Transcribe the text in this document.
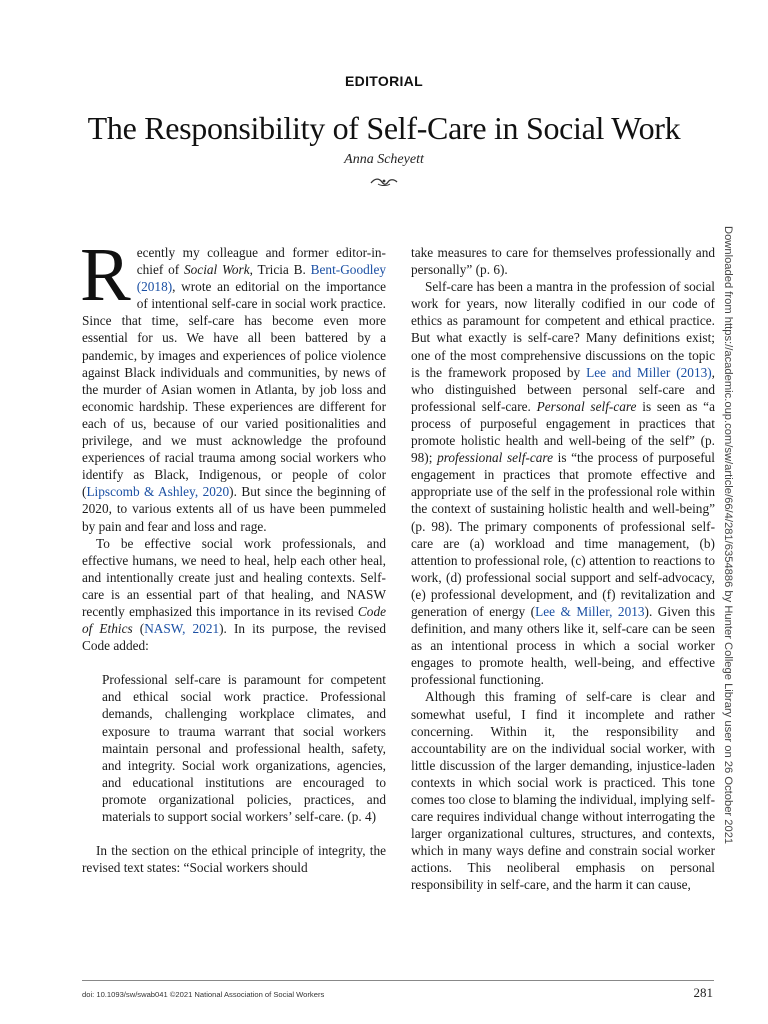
EDITORIAL
The Responsibility of Self-Care in Social Work
Anna Scheyett
Downloaded from https://academic.oup.com/sw/article/66/4/281/6354886 by Hunter College Library user on 26 October 2021

Recently my colleague and former editor-in-chief of Social Work, Tricia B. Bent-Goodley (2018), wrote an editorial on the importance of intentional self-care in social work practice. Since that time, self-care has become even more essential for us. We have all been battered by a pandemic, by images and experiences of police violence against Black individuals and communities, by news of the murder of Asian women in Atlanta, by job loss and economic hardship. These experiences are different for each of us, because of our varied positionalities and privilege, and we must acknowledge the profound experiences of racial trauma among social workers who identify as Black, Indigenous, or people of color (Lipscomb & Ashley, 2020). But since the beginning of 2020, to various extents all of us have been pummeled by pain and fear and loss and rage.

To be effective social work professionals, and effective humans, we need to heal, help each other heal, and intentionally create just and healing contexts. Self-care is an essential part of that healing, and NASW recently emphasized this importance in its revised Code of Ethics (NASW, 2021). In its purpose, the revised Code added:

Professional self-care is paramount for competent and ethical social work practice. Professional demands, challenging workplace climates, and exposure to trauma warrant that social workers maintain personal and professional health, safety, and integrity. Social work organizations, agencies, and educational institutions are encouraged to promote organizational policies, practices, and materials to support social workers’ self-care. (p. 4)

In the section on the ethical principle of integrity, the revised text states: “Social workers should

take measures to care for themselves professionally and personally” (p. 6).

Self-care has been a mantra in the profession of social work for years, now literally codified in our code of ethics as paramount for competent and ethical practice. But what exactly is self-care? Many definitions exist; one of the most comprehensive discussions on the topic is the framework proposed by Lee and Miller (2013), who distinguished between personal self-care and professional self-care. Personal self-care is seen as “a process of purposeful engagement in practices that promote holistic health and well-being of the self” (p. 98); professional self-care is “the process of purposeful engagement in practices that promote effective and appropriate use of the self in the professional role within the context of sustaining holistic health and well-being” (p. 98). The primary components of professional self-care are (a) workload and time management, (b) attention to professional role, (c) attention to reactions to work, (d) professional social support and self-advocacy, (e) professional development, and (f) revitalization and generation of energy (Lee & Miller, 2013). Given this definition, and many others like it, self-care can be seen as an intentional process in which a social worker engages to promote health, well-being, and effective professional functioning.

Although this framing of self-care is clear and somewhat useful, I find it incomplete and rather concerning. Within it, the responsibility and accountability are on the individual social worker, with little discussion of the larger demanding, injustice-laden contexts in which social work is practiced. This tone comes too close to blaming the individual, implying self-care requires individual change without interrogating the larger organizational cultures, structures, and contexts, which in many ways define and constrain social worker actions. This neoliberal emphasis on personal responsibility in self-care, and the harm it can cause,

doi: 10.1093/sw/swab041 ©2021 National Association of Social Workers	281
